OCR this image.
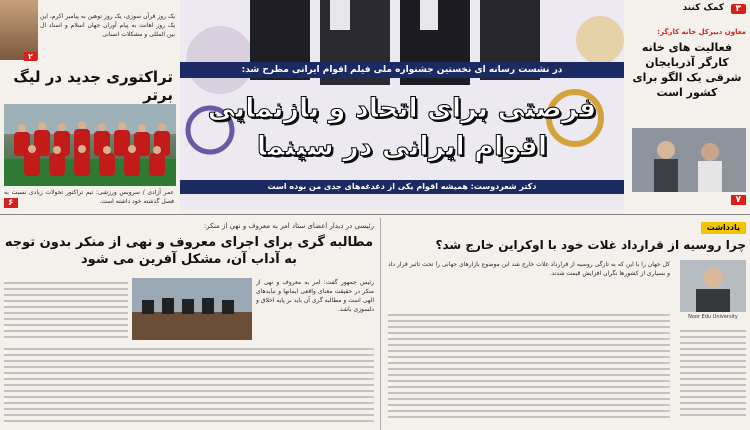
یک روز قرآن سوزی، یک روز توهین به پیامبر اکرم، این یک روز اهانت به پیام آوران جهان اسلام و اسناد ال بین المللی و مشکلات انسانی
۲
تراکتوری جدید در لیگ برتر
عمر آزادی / سرویس ورزشی: تیم تراکتور تحولات زیادی نسبت به فصل گذشته خود داشته است.
۶
در نشست رسانه ای نخستین جشنواره ملی فیلم اقوام ایرانی مطرح شد:
فرصتی برای اتحاد و بازنمایی
اقوام ایرانی در سینما
دکتر شعردوست: همیشه اقوام یکی از دغدغه‌های جدی من بوده است
کمک کنند	۳
معاون دبیرکل خانه کارگر:
فعالیت های خانه کارگر آذربایجان شرقی یک الگو برای کشور است
۷
رئیسی در دیدار اعضای ستاد امر به معروف و نهی از منکر:
مطالبه گری برای اجرای معروف و نهی از منکر بدون توجه به آداب آن، مشکل آفرین می شود
رئیس جمهور گفت: امر به معروف و نهی از منکر در حقیقت معنای واقعی ایمانها و نبایدهای الهی است و مطالبه گری آن باید بر پایه اخلاق و دلسوزی باشد.
یادداشت
چرا روسیه از قرارداد غلات خود با اوکراین خارج شد؟
Noor Edu University
کل جهان را با این که به تازگی روسیه از قرارداد غلات خارج شد این موضوع بازارهای جهانی را تحت تاثیر قرار داد و بسیاری از کشورها نگران افزایش قیمت شدند.
